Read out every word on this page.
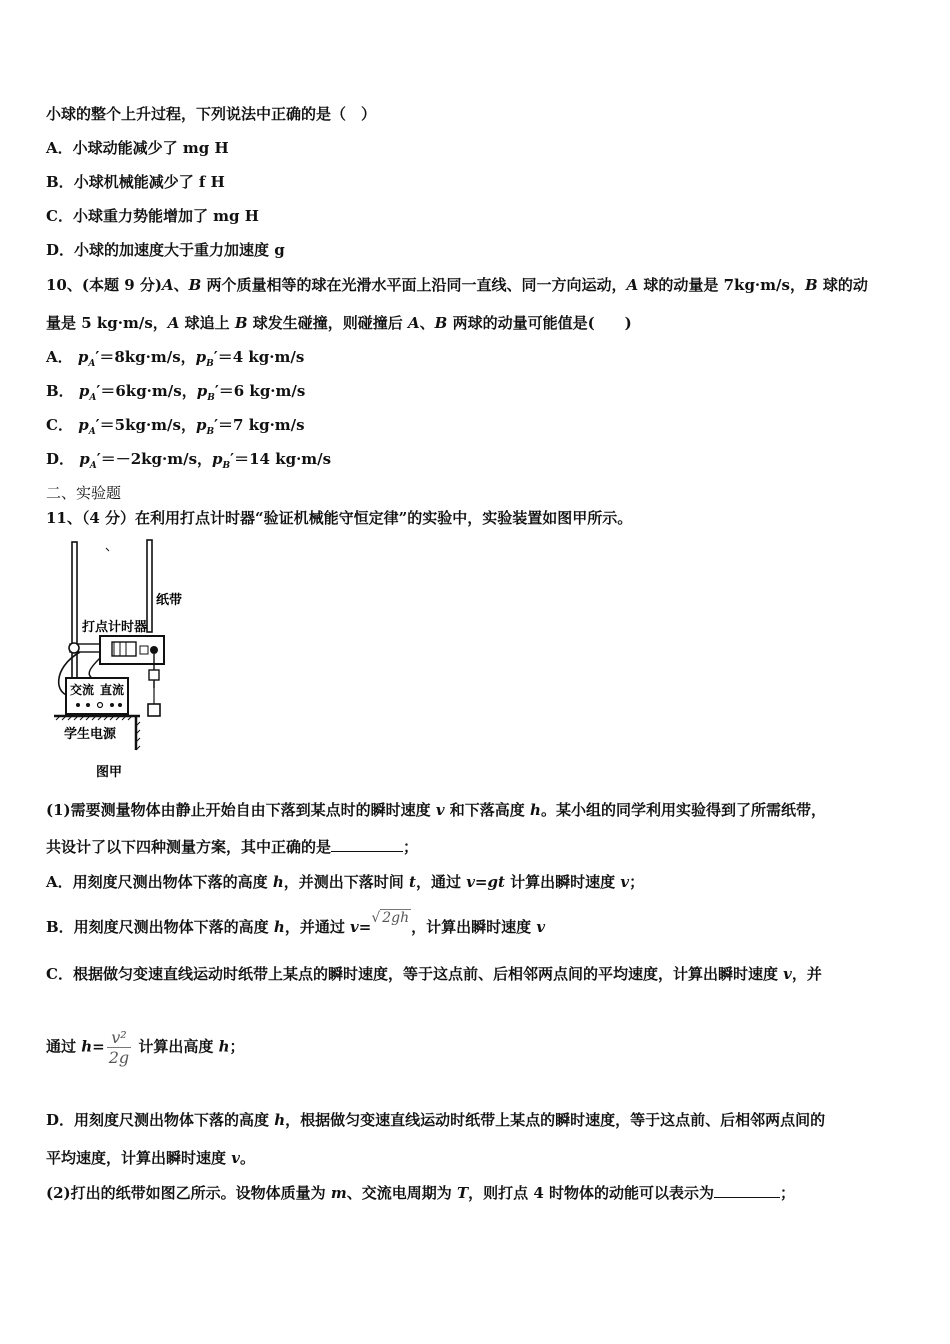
小球的整个上升过程，下列说法中正确的是（　）
A．小球动能减少了 mg H
B．小球机械能减少了 f H
C．小球重力势能增加了 mg H
D．小球的加速度大于重力加速度 g
10、(本题 9 分)A、B 两个质量相等的球在光滑水平面上沿同一直线、同一方向运动，A 球的动量是 7kg·m/s，B 球的动
量是 5 kg·m/s，A 球追上 B 球发生碰撞，则碰撞后 A、B 两球的动量可能值是(　　)
A． $p_A'=8kg\cdot m/s$，$p_B'=4$ kg·m/s
B． $p_A'=6kg\cdot m/s$，$p_B'=6$ kg·m/s
C． $p_A'=5kg\cdot m/s$，$p_B'=7$ kg·m/s
D． $p_A'=-2kg\cdot m/s$，$p_B'=14$ kg·m/s
二、实验题
11、（4 分）在利用打点计时器“验证机械能守恒定律”的实验中，实验装置如图甲所示。
纸带
打点计时器
交流 直流
学生电源
图甲
(1)需要测量物体由静止开始自由下落到某点时的瞬时速度 v 和下落高度 h。某小组的同学利用实验得到了所需纸带，
共设计了以下四种测量方案，其中正确的是	；
A．用刻度尺测出物体下落的高度 h，并测出下落时间 t，通过 v=gt 计算出瞬时速度 v；
B．用刻度尺测出物体下落的高度 h，并通过 v=√ 2gh ，计算出瞬时速度 v
C．根据做匀变速直线运动时纸带上某点的瞬时速度，等于这点前、后相邻两点间的平均速度，计算出瞬时速度 v，并
通过 $h= \frac{\text{v²}}{2g}$ 计算出高度 h；
D．用刻度尺测出物体下落的高度 h，根据做匀变速直线运动时纸带上某点的瞬时速度，等于这点前、后相邻两点间的
平均速度，计算出瞬时速度 v。
(2)打出的纸带如图乙所示。设物体质量为 m、交流电周期为 T，则打点 4 时物体的动能可以表示为	；
